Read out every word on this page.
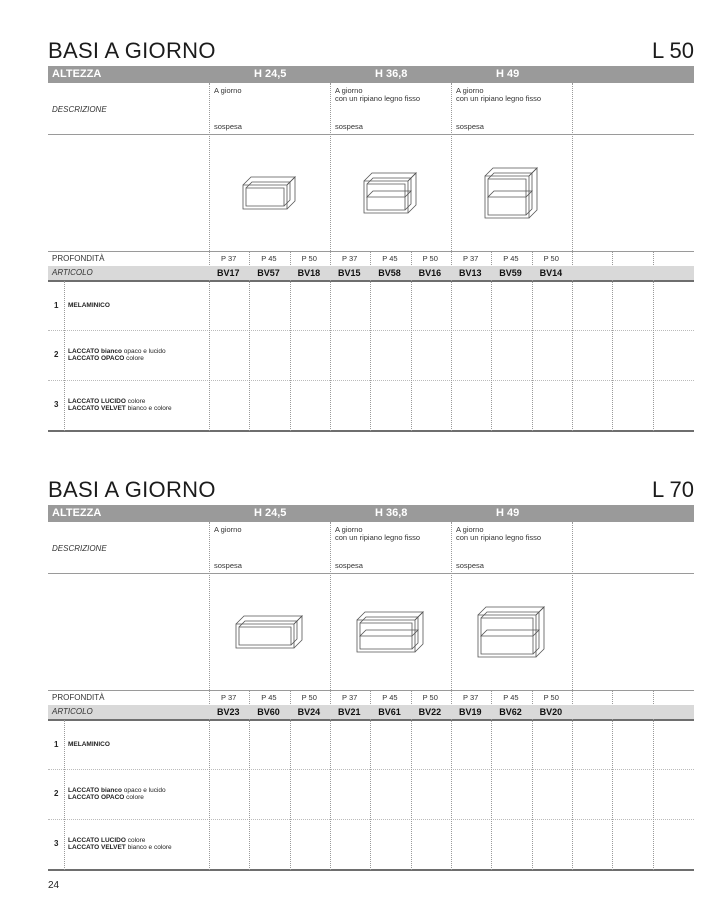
BASI A GIORNO	L 50
ALTEZZA	H 24,5	H 36,8	H 49
DESCRIZIONE
A giorno
sospesa
A giorno
con un ripiano legno fisso
sospesa
A giorno
con un ripiano legno fisso
sospesa
PROFONDITÀ	P 37	P 45	P 50	P 37	P 45	P 50	P 37	P 45	P 50
ARTICOLO	BV17 BV57 BV18 BV15 BV58 BV16 BV13 BV59 BV14
1 MELAMINICO
2 LACCATO bianco opaco e lucido
LACCATO OPACO colore
3 LACCATO LUCIDO colore
LACCATO VELVET bianco e colore
BASI A GIORNO	L 70
ALTEZZA	H 24,5	H 36,8	H 49
DESCRIZIONE
A giorno
sospesa
A giorno
con un ripiano legno fisso
sospesa
A giorno
con un ripiano legno fisso
sospesa
PROFONDITÀ	P 37	P 45	P 50	P 37	P 45	P 50	P 37	P 45	P 50
ARTICOLO	BV23 BV60 BV24 BV21 BV61 BV22 BV19 BV62 BV20
1 MELAMINICO
2 LACCATO bianco opaco e lucido
LACCATO OPACO colore
3 LACCATO LUCIDO colore
LACCATO VELVET bianco e colore
24
